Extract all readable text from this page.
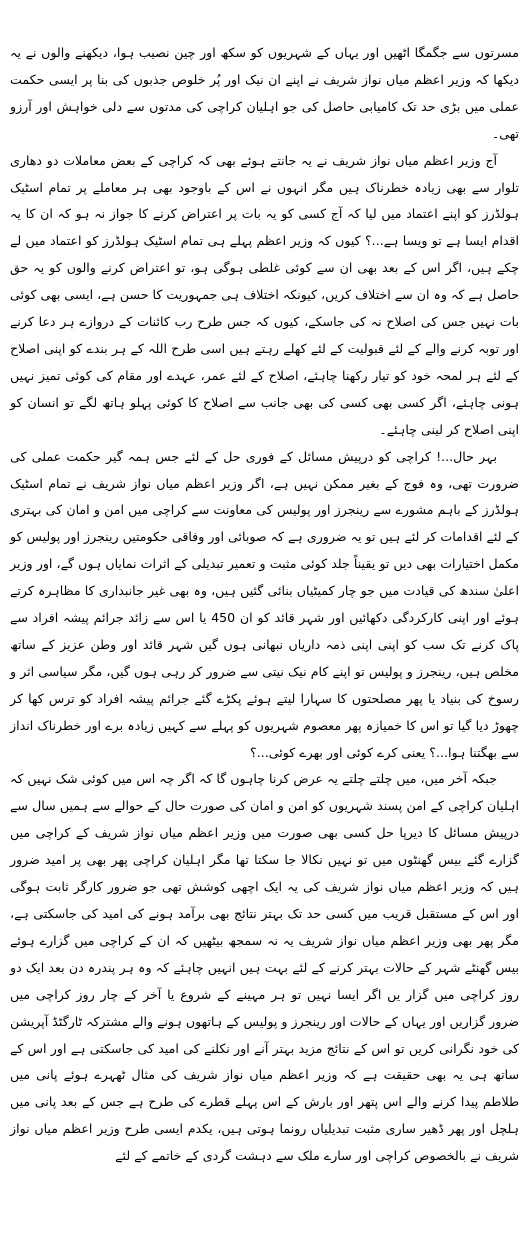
مسرتوں سے جگمگا اٹھیں اور یہاں کے شہریوں کو سکھ اور چین نصیب ہوا، دیکھنے والوں نے یہ دیکھا کہ وزیر اعظم میاں نواز شریف نے اپنے ان نیک اور پُر خلوص جذبوں کی بنا پر ایسی حکمت عملی میں بڑی حد تک کامیابی حاصل کی جو اہلیان کراچی کی مدتوں سے دلی خواہش اور آرزو تھی۔

آج وزیر اعظم میاں نواز شریف نے یہ جانتے ہوئے بھی کہ کراچی کے بعض معاملات دو دھاری تلوار سے بھی زیادہ خطرناک ہیں مگر انہوں نے اس کے باوجود بھی ہر معاملے پر تمام اسٹیک ہولڈرز کو اپنے اعتماد میں لیا کہ آج کسی کو یہ بات پر اعتراض کرنے کا جواز نہ ہو کہ ان کا یہ اقدام ایسا ہے تو ویسا ہے...؟ کیوں کہ وزیر اعظم پہلے ہی تمام اسٹیک ہولڈرز کو اعتماد میں لے چکے ہیں، اگر اس کے بعد بھی ان سے کوئی غلطی ہوگی ہو، تو اعتراض کرنے والوں کو یہ حق حاصل ہے کہ وہ ان سے اختلاف کریں، کیونکہ اختلاف ہی جمہوریت کا حسن ہے، ایسی بھی کوئی بات نہیں جس کی اصلاح نہ کی جاسکے، کیوں کہ جس طرح رب کائنات کے دروازے ہر دعا کرنے اور توبہ کرنے والے کے لئے قبولیت کے لئے کھلے رہتے ہیں اسی طرح اللہ کے ہر بندے کو اپنی اصلاح کے لئے ہر لمحہ خود کو تیار رکھنا چاہئے، اصلاح کے لئے عمر، عہدے اور مقام کی کوئی تمیز نہیں ہونی چاہئے، اگر کسی بھی کسی کی بھی جانب سے اصلاح کا کوئی پہلو ہاتھ لگے تو انسان کو اپنی اصلاح کر لینی چاہئے۔

بہر حال...! کراچی کو درپیش مسائل کے فوری حل کے لئے جس ہمہ گیر حکمت عملی کی ضرورت تھی، وہ فوج کے بغیر ممکن نہیں ہے، اگر وزیر اعظم میاں نواز شریف نے تمام اسٹیک ہولڈرز کے باہم مشورے سے رینجرز اور پولیس کی معاونت سے کراچی میں امن و امان کی بہتری کے لئے اقدامات کر لئے ہیں تو یہ ضروری ہے کہ صوبائی اور وفاقی حکومتیں رینجرز اور پولیس کو مکمل اختیارات بھی دیں تو یقیناً جلد کوئی مثبت و تعمیر تبدیلی کے اثرات نمایاں ہوں گے، اور وزیر اعلیٰ سندھ کی قیادت میں جو چار کمیٹیاں بنائی گئیں ہیں، وہ بھی غیر جانبداری کا مظاہرہ کرتے ہوئے اور اپنی کارکردگی دکھائیں اور شہر قائد کو ان 450 یا اس سے زائد جرائم پیشہ افراد سے پاک کرنے تک سب کو اپنی اپنی ذمہ داریاں نبھانی ہوں گیں شہر قائد اور وطن عزیز کے ساتھ مخلص ہیں، رینجرز و پولیس تو اپنے کام نیک نیتی سے ضرور کر رہی ہوں گیں، مگر سیاسی اثر و رسوخ کی بنیاد یا پھر مصلحتوں کا سہارا لیتے ہوئے پکڑے گئے جرائم پیشہ افراد کو ترس کھا کر چھوڑ دیا گیا تو اس کا خمیازہ پھر معصوم شہریوں کو پہلے سے کہیں زیادہ برے اور خطرناک انداز سے بھگتنا ہوا...؟ یعنی کرے کوئی اور بھرے کوئی...؟

جبکہ آخر میں، میں چلتے چلتے یہ عرض کرنا چاہوں گا کہ اگر چہ اس میں کوئی شک نہیں کہ اہلیان کراچی کے امن پسند شہریوں کو امن و امان کی صورت حال کے حوالے سے ہمیں سال سے درپیش مسائل کا دیرپا حل کسی بھی صورت میں وزیر اعظم میاں نواز شریف کے کراچی میں گزارے گئے بیس گھنٹوں میں تو نہیں نکالا جا سکتا تھا مگر اہلیان کراچی پھر بھی پر امید ضرور ہیں کہ وزیر اعظم میاں نواز شریف کی یہ ایک اچھی کوشش تھی جو ضرور کارگر ثابت ہوگی اور اس کے مستقبل قریب میں کسی حد تک بہتر نتائج بھی برآمد ہونے کی امید کی جاسکتی ہے، مگر پھر بھی وزیر اعظم میاں نواز شریف یہ نہ سمجھ بیٹھیں کہ ان کے کراچی میں گزارے ہوئے بیس گھنٹے شہر کے حالات بہتر کرنے کے لئے بہت ہیں انہیں چاہئے کہ وہ ہر پندرہ دن بعد ایک دو روز کراچی میں گزار یں اگر ایسا نہیں تو ہر مہینے کے شروع یا آخر کے چار روز کراچی میں ضرور گزاریں اور یہاں کے حالات اور رینجرز و پولیس کے ہاتھوں ہونے والے مشترکہ ٹارگٹڈ آپریشن کی خود نگرانی کریں تو اس کے نتائج مزید بہتر آنے اور نکلنے کی امید کی جاسکتی ہے اور اس کے ساتھ ہی یہ بھی حقیقت ہے کہ وزیر اعظم میاں نواز شریف کی مثال ٹھہرے ہوئے پانی میں طلاطم پیدا کرنے والے اس پتھر اور بارش کے اس پہلے قطرے کی طرح ہے جس کے بعد پانی میں ہلچل اور پھر ڈھیر ساری مثبت تبدیلیاں رونما ہوتی ہیں، یکدم ایسی طرح وزیر اعظم میاں نواز شریف نے بالخصوص کراچی اور سارے ملک سے دہشت گردی کے خاتمے کے لئے
